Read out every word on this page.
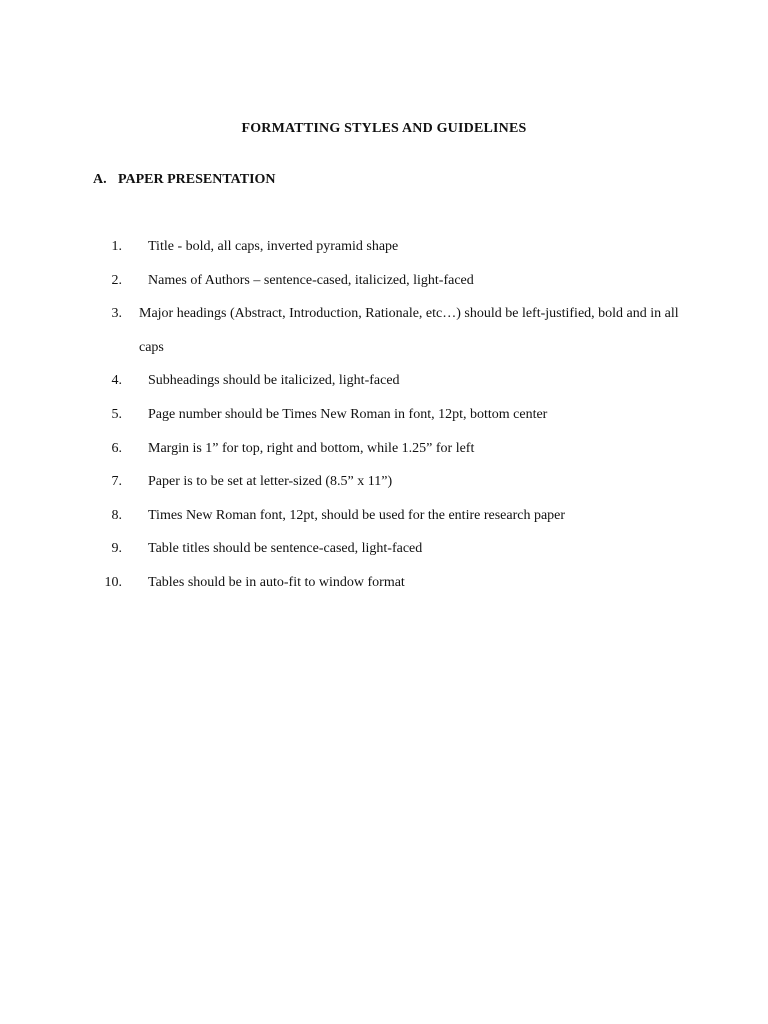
FORMATTING STYLES AND GUIDELINES
A. PAPER PRESENTATION
1. Title - bold, all caps, inverted pyramid shape
2. Names of Authors – sentence-cased, italicized, light-faced
3. Major headings (Abstract, Introduction, Rationale, etc…) should be left-justified, bold and in all caps
4. Subheadings should be italicized, light-faced
5. Page number should be Times New Roman in font, 12pt, bottom center
6. Margin is 1” for top, right and bottom, while 1.25” for left
7. Paper is to be set at letter-sized (8.5” x 11”)
8. Times New Roman font, 12pt, should be used for the entire research paper
9. Table titles should be sentence-cased, light-faced
10. Tables should be in auto-fit to window format
